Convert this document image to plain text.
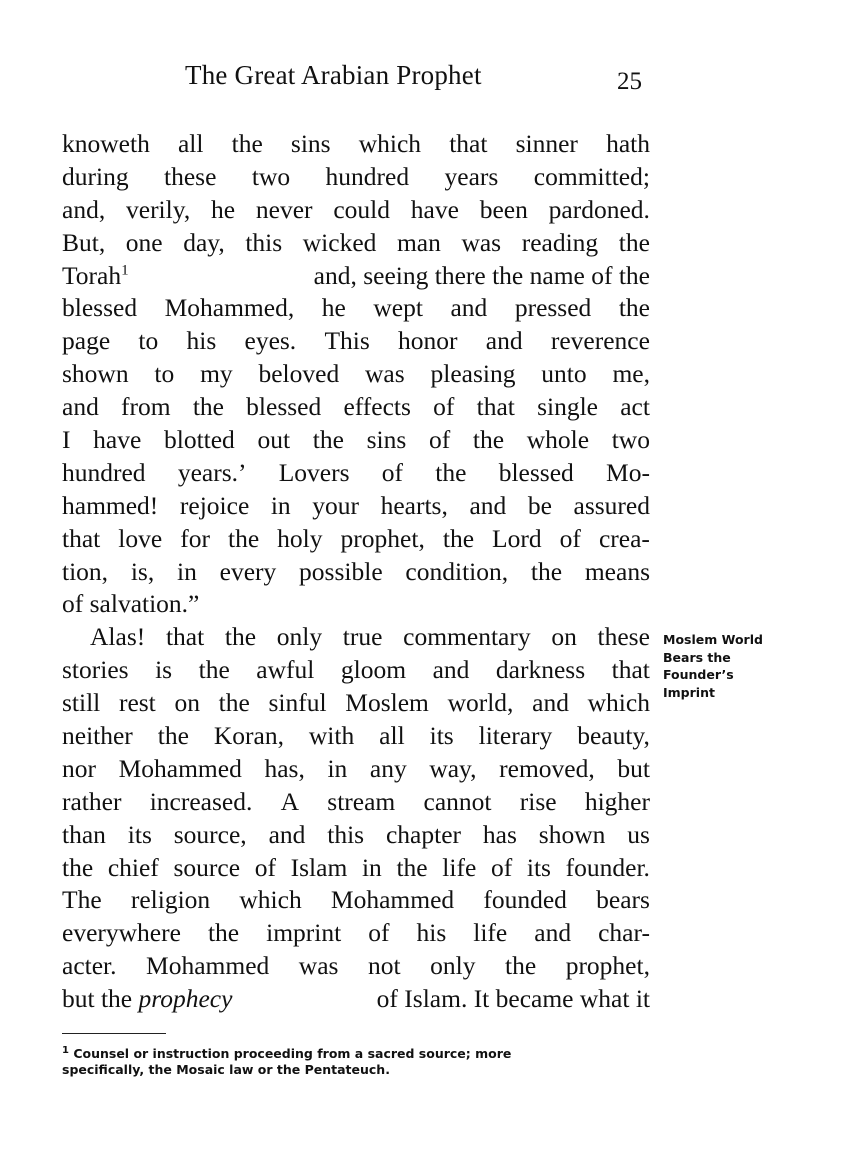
The Great Arabian Prophet	25
knoweth all the sins which that sinner hath
during these two hundred years committed;
and, verily, he never could have been pardoned.
But, one day, this wicked man was reading the
Torah$^1$	and, seeing there the name of the
blessed Mohammed, he wept and pressed the
page to his eyes. This honor and reverence
shown to my beloved was pleasing unto me,
and from the blessed effects of that single act
I have blotted out the sins of the whole two
hundred years.’ Lovers of the blessed Mo-
hammed! rejoice in your hearts, and be assured
that love for the holy prophet, the Lord of crea-
tion, is, in every possible condition, the means
of salvation.”
Alas! that the only true commentary on these
stories is the awful gloom and darkness that
still rest on the sinful Moslem world, and which
neither the Koran, with all its literary beauty,
nor Mohammed has, in any way, removed, but
rather increased. A stream cannot rise higher
than its source, and this chapter has shown us
the chief source of Islam in the life of its founder.
The religion which Mohammed founded bears
everywhere the imprint of his life and char-
acter. Mohammed was not only the prophet,
but the prophecy	of Islam. It became what it
Moslem World
Bears the
Founder’s
Imprint
$^1$ Counsel or instruction proceeding from a sacred source; more
specifically, the Mosaic law or the Pentateuch.
